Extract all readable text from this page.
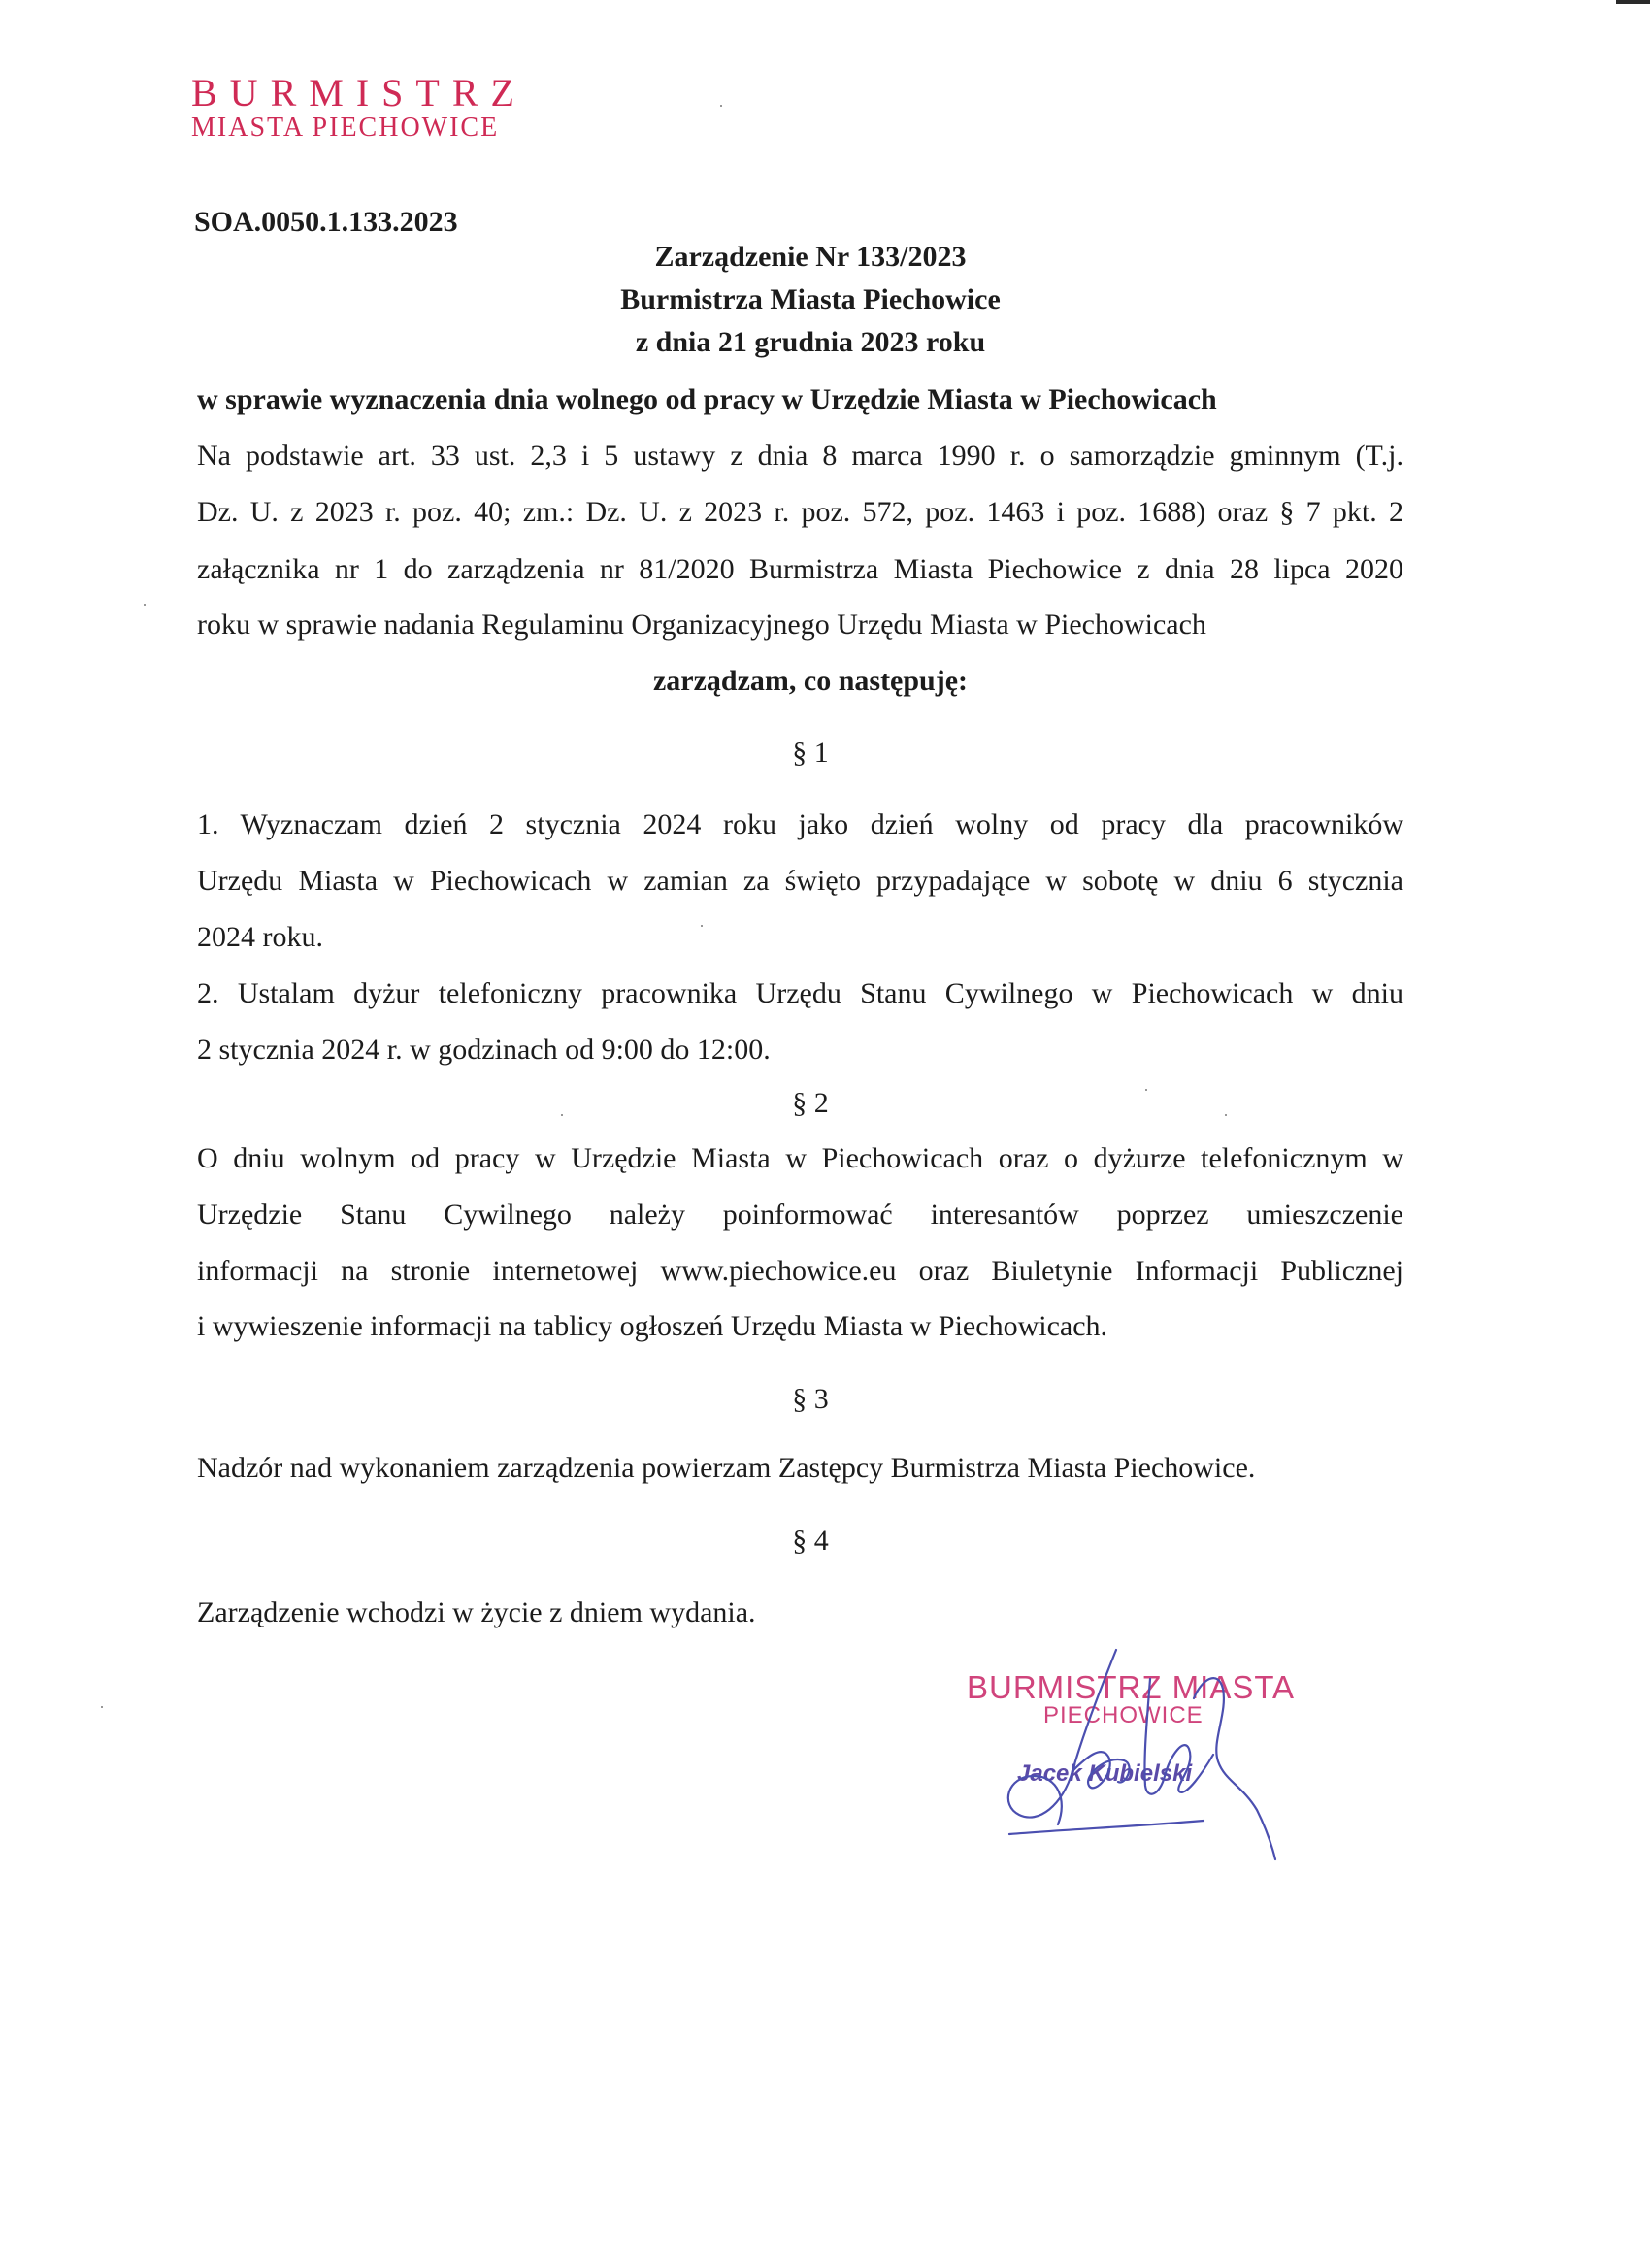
BURMISTRZ
MIASTA PIECHOWICE
SOA.0050.1.133.2023
Zarządzenie Nr 133/2023
Burmistrza Miasta Piechowice
z dnia 21 grudnia 2023 roku
w sprawie wyznaczenia dnia wolnego od pracy w Urzędzie Miasta w Piechowicach
Na podstawie art. 33 ust. 2,3 i 5 ustawy z dnia 8 marca 1990 r. o samorządzie gminnym (T.j.
Dz. U. z 2023 r. poz. 40; zm.: Dz. U. z 2023 r. poz. 572, poz. 1463 i poz. 1688) oraz § 7 pkt. 2
załącznika nr 1 do zarządzenia nr 81/2020 Burmistrza Miasta Piechowice z dnia 28 lipca 2020
roku w sprawie nadania Regulaminu Organizacyjnego Urzędu Miasta w Piechowicach
zarządzam, co następuję:
§ 1
1. Wyznaczam dzień 2 stycznia 2024 roku jako dzień wolny od pracy dla pracowników
Urzędu Miasta w Piechowicach w zamian za święto przypadające w sobotę w dniu 6 stycznia
2024 roku.
2. Ustalam dyżur telefoniczny pracownika Urzędu Stanu Cywilnego w Piechowicach w dniu
2 stycznia 2024 r. w godzinach od 9:00 do 12:00.
§ 2
O dniu wolnym od pracy w Urzędzie Miasta w Piechowicach oraz o dyżurze telefonicznym w
Urzędzie Stanu Cywilnego należy poinformować interesantów poprzez umieszczenie
informacji na stronie internetowej www.piechowice.eu oraz Biuletynie Informacji Publicznej
i wywieszenie informacji na tablicy ogłoszeń Urzędu Miasta w Piechowicach.
§ 3
Nadzór nad wykonaniem zarządzenia powierzam Zastępcy Burmistrza Miasta Piechowice.
§ 4
Zarządzenie wchodzi w życie z dniem wydania.
BURMISTRZ MIASTA
PIECHOWICE
Jacek Kubielski
